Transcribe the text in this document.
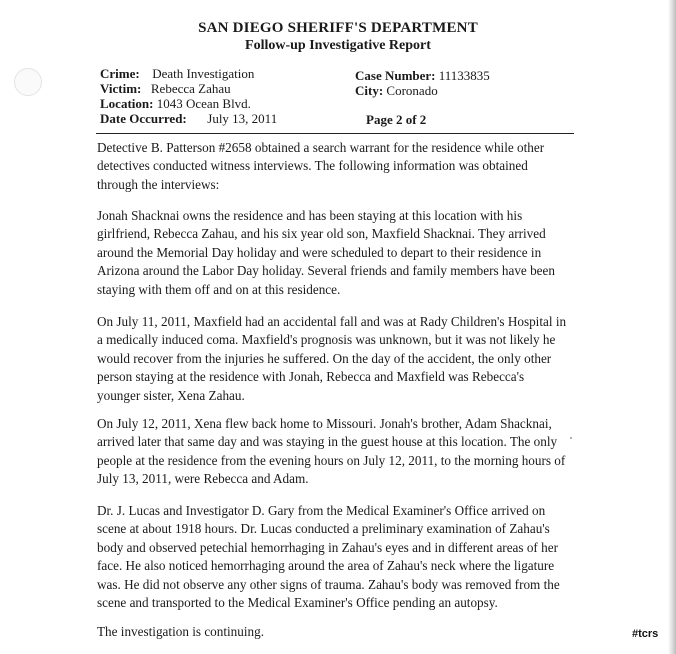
SAN DIEGO SHERIFF'S DEPARTMENT
Follow-up Investigative Report
Crime: Death Investigation
Victim: Rebecca Zahau
Location: 1043 Ocean Blvd.
Date Occurred: July 13, 2011
Case Number: 11133835
City: Coronado
Page 2 of 2
Detective B. Patterson #2658 obtained a search warrant for the residence while other
detectives conducted witness interviews. The following information was obtained
through the interviews:
Jonah Shacknai owns the residence and has been staying at this location with his
girlfriend, Rebecca Zahau, and his six year old son, Maxfield Shacknai. They arrived
around the Memorial Day holiday and were scheduled to depart to their residence in
Arizona around the Labor Day holiday. Several friends and family members have been
staying with them off and on at this residence.
On July 11, 2011, Maxfield had an accidental fall and was at Rady Children's Hospital in
a medically induced coma. Maxfield's prognosis was unknown, but it was not likely he
would recover from the injuries he suffered. On the day of the accident, the only other
person staying at the residence with Jonah, Rebecca and Maxfield was Rebecca's
younger sister, Xena Zahau.
On July 12, 2011, Xena flew back home to Missouri. Jonah's brother, Adam Shacknai,
arrived later that same day and was staying in the guest house at this location. The only
people at the residence from the evening hours on July 12, 2011, to the morning hours of
July 13, 2011, were Rebecca and Adam.
Dr. J. Lucas and Investigator D. Gary from the Medical Examiner's Office arrived on
scene at about 1918 hours. Dr. Lucas conducted a preliminary examination of Zahau's
body and observed petechial hemorrhaging in Zahau's eyes and in different areas of her
face. He also noticed hemorrhaging around the area of Zahau's neck where the ligature
was. He did not observe any other signs of trauma. Zahau's body was removed from the
scene and transported to the Medical Examiner's Office pending an autopsy.
The investigation is continuing.	#tcrs
